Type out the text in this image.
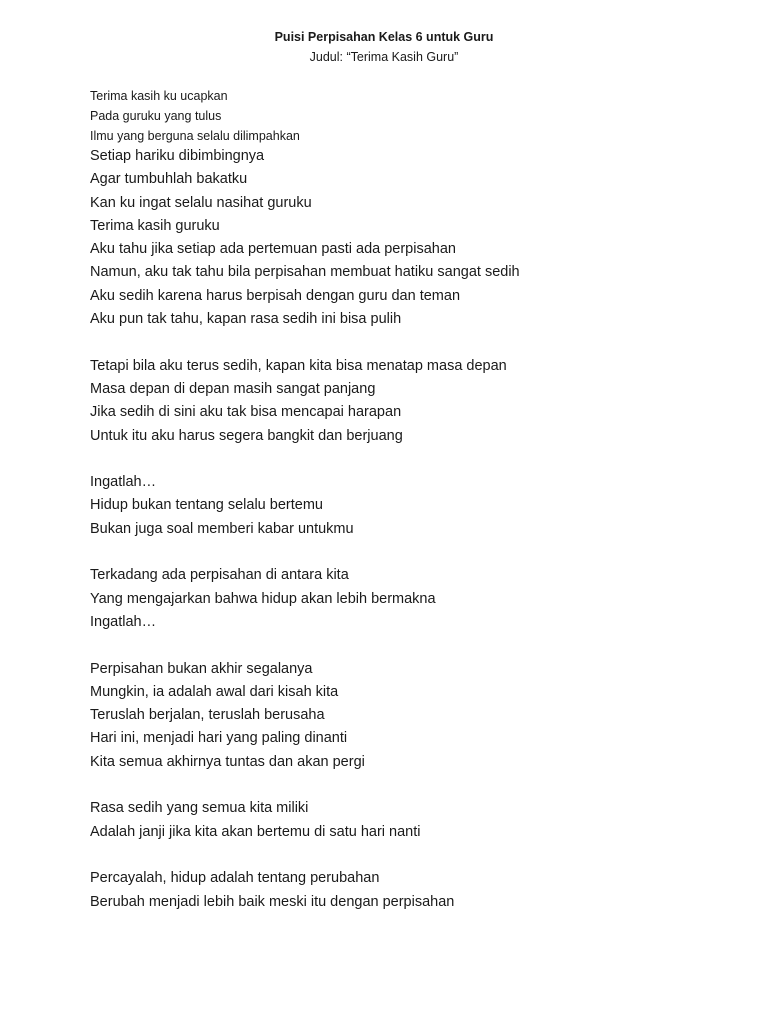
Puisi Perpisahan Kelas 6 untuk Guru
Judul: “Terima Kasih Guru”
Terima kasih ku ucapkan
Pada guruku yang tulus
Ilmu yang berguna selalu dilimpahkan
Setiap hariku dibimbingnya
Agar tumbuhlah bakatku
Kan ku ingat selalu nasihat guruku
Terima kasih guruku
Aku tahu jika setiap ada pertemuan pasti ada perpisahan
Namun, aku tak tahu bila perpisahan membuat hatiku sangat sedih
Aku sedih karena harus berpisah dengan guru dan teman
Aku pun tak tahu, kapan rasa sedih ini bisa pulih
Tetapi bila aku terus sedih, kapan kita bisa menatap masa depan
Masa depan di depan masih sangat panjang
Jika sedih di sini aku tak bisa mencapai harapan
Untuk itu aku harus segera bangkit dan berjuang
Ingatlah…
Hidup bukan tentang selalu bertemu
Bukan juga soal memberi kabar untukmu
Terkadang ada perpisahan di antara kita
Yang mengajarkan bahwa hidup akan lebih bermakna
Ingatlah…
Perpisahan bukan akhir segalanya
Mungkin, ia adalah awal dari kisah kita
Teruslah berjalan, teruslah berusaha
Hari ini, menjadi hari yang paling dinanti
Kita semua akhirnya tuntas dan akan pergi
Rasa sedih yang semua kita miliki
Adalah janji jika kita akan bertemu di satu hari nanti
Percayalah, hidup adalah tentang perubahan
Berubah menjadi lebih baik meski itu dengan perpisahan
